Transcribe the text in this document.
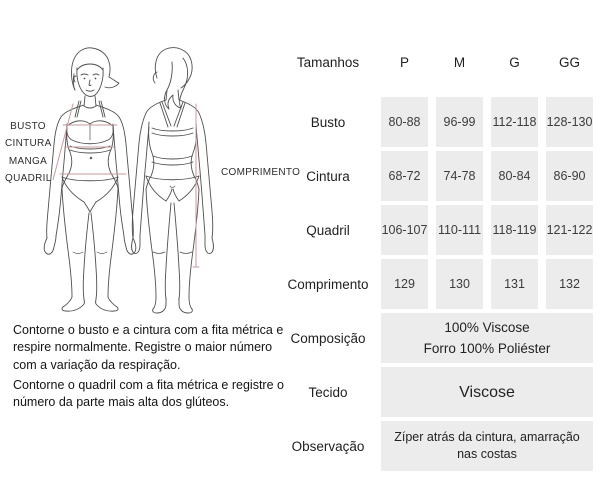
BUSTO
CINTURA
MANGA
QUADRIL
COMPRIMENTO

Contorne o busto e a cintura com a fita métrica e respire normalmente. Registre o maior número com a variação da respiração.

Contorne o quadril com a fita métrica e registre o número da parte mais alta dos glúteos.

Tamanhos	P	M	G	GG
Busto	80-88	96-99	112-118 128-130
Cintura	68-72	74-78	80-84	86-90
Quadril	106-107 110-111 118-119 121-122
Comprimento	129	130	131	132
Composição
100% Viscose
Forro 100% Poliéster
Tecido	Viscose
Observação
Zíper atrás da cintura, amarração nas costas
